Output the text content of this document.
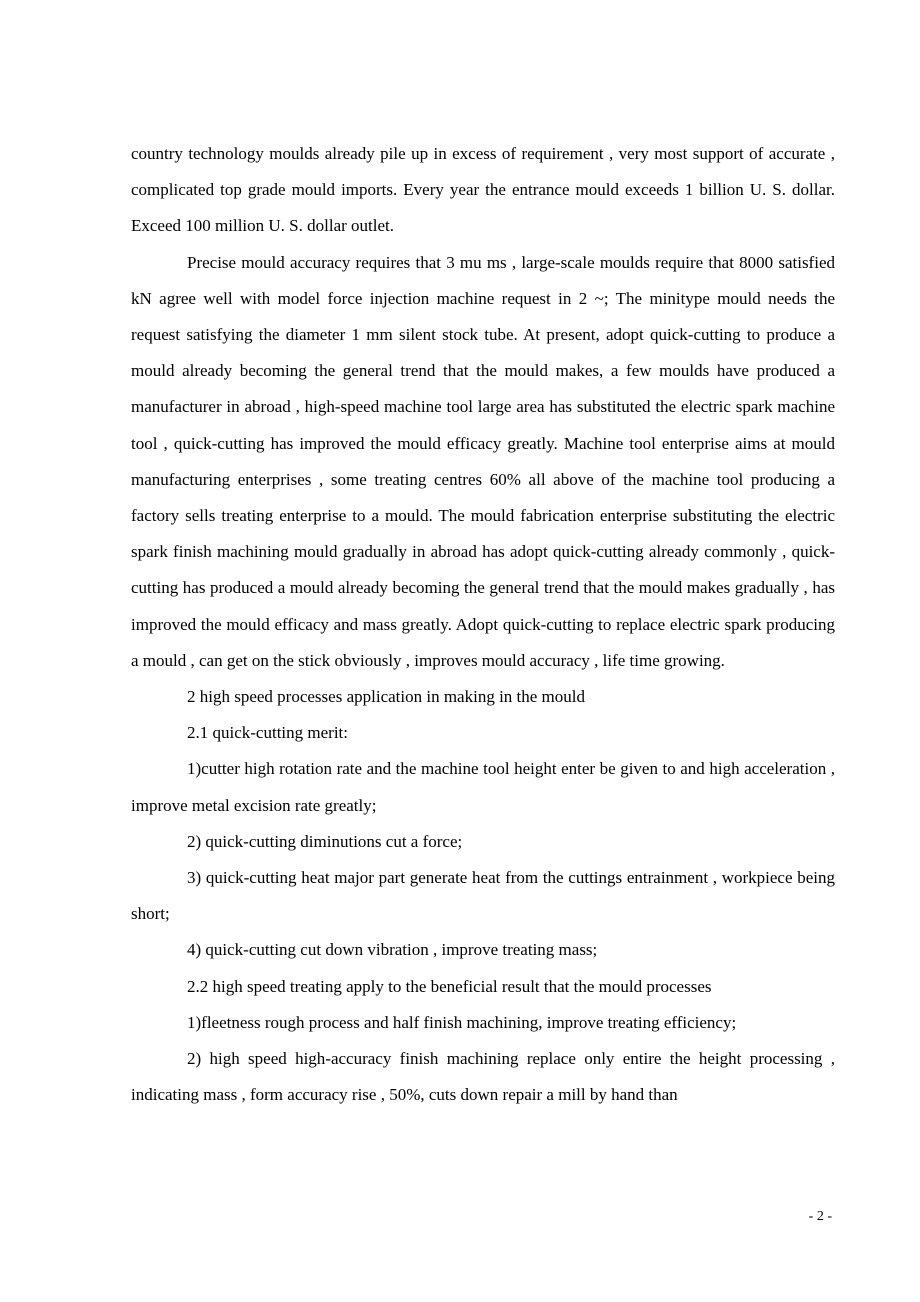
country technology moulds already pile up in excess of requirement , very most support of accurate , complicated top grade mould imports. Every year the entrance mould exceeds 1 billion U. S. dollar. Exceed 100 million U. S. dollar outlet.

Precise mould accuracy requires that 3 mu ms , large-scale moulds require that 8000 satisfied kN agree well with model force injection machine request in 2 ~; The minitype mould needs the request satisfying the diameter 1 mm silent stock tube. At present, adopt quick-cutting to produce a mould already becoming the general trend that the mould makes, a few moulds have produced a manufacturer in abroad , high-speed machine tool large area has substituted the electric spark machine tool , quick-cutting has improved the mould efficacy greatly. Machine tool enterprise aims at mould manufacturing enterprises , some treating centres 60% all above of the machine tool producing a factory sells treating enterprise to a mould. The mould fabrication enterprise substituting the electric spark finish machining mould gradually in abroad has adopt quick-cutting already commonly , quick-cutting has produced a mould already becoming the general trend that the mould makes gradually , has improved the mould efficacy and mass greatly. Adopt quick-cutting to replace electric spark producing a mould , can get on the stick obviously , improves mould accuracy , life time growing.

2 high speed processes application in making in the mould

2.1 quick-cutting merit:

1)cutter high rotation rate and the machine tool height enter be given to and high acceleration , improve metal excision rate greatly;

2) quick-cutting diminutions cut a force;

3) quick-cutting heat major part generate heat from the cuttings entrainment , workpiece being short;

4) quick-cutting cut down vibration , improve treating mass;

2.2 high speed treating apply to the beneficial result that the mould processes

1)fleetness rough process and half finish machining, improve treating efficiency;

2) high speed high-accuracy finish machining replace only entire the height processing , indicating mass , form accuracy rise , 50%, cuts down repair a mill by hand than

- 2 -
